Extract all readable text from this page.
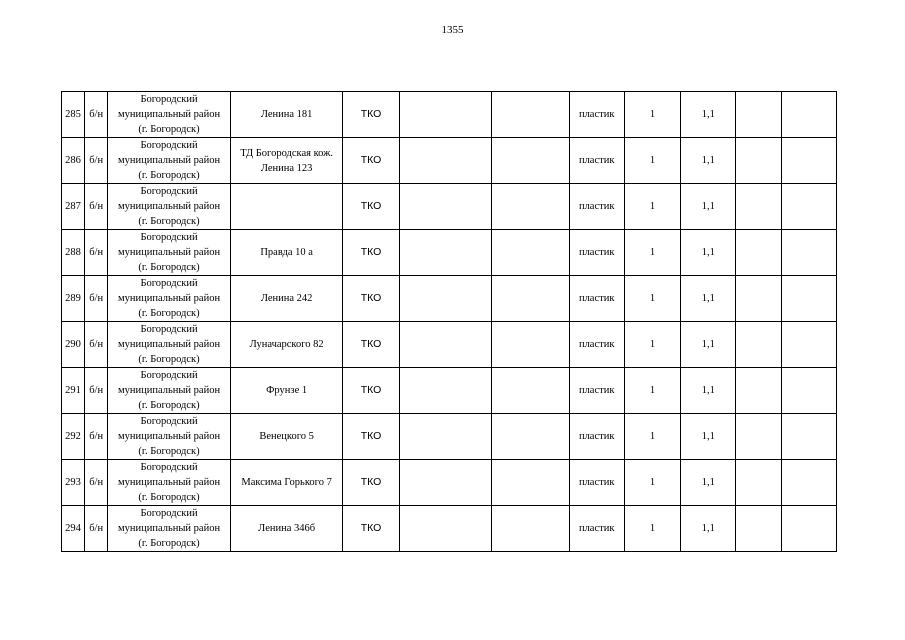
1355
285	б/н	Богородский
муниципальный район
(г. Богородск)	Ленина 181	ТКО			пластик	1	1,1		
286	б/н	Богородский
муниципальный район
(г. Богородск)	ТД Богородская кож. Ленина 123	ТКО			пластик	1	1,1		
287	б/н	Богородский
муниципальный район
(г. Богородск)		ТКО			пластик	1	1,1		
288	б/н	Богородский
муниципальный район
(г. Богородск)	Правда 10 а	ТКО			пластик	1	1,1		
289	б/н	Богородский
муниципальный район
(г. Богородск)	Ленина 242	ТКО			пластик	1	1,1		
290	б/н	Богородский
муниципальный район
(г. Богородск)	Луначарского 82	ТКО			пластик	1	1,1		
291	б/н	Богородский
муниципальный район
(г. Богородск)	Фрунзе 1	ТКО			пластик	1	1,1		
292	б/н	Богородский
муниципальный район
(г. Богородск)	Венецкого 5	ТКО			пластик	1	1,1		
293	б/н	Богородский
муниципальный район
(г. Богородск)	Максима Горького 7	ТКО			пластик	1	1,1		
294	б/н	Богородский
муниципальный район
(г. Богородск)	Ленина 346б	ТКО			пластик	1	1,1		
